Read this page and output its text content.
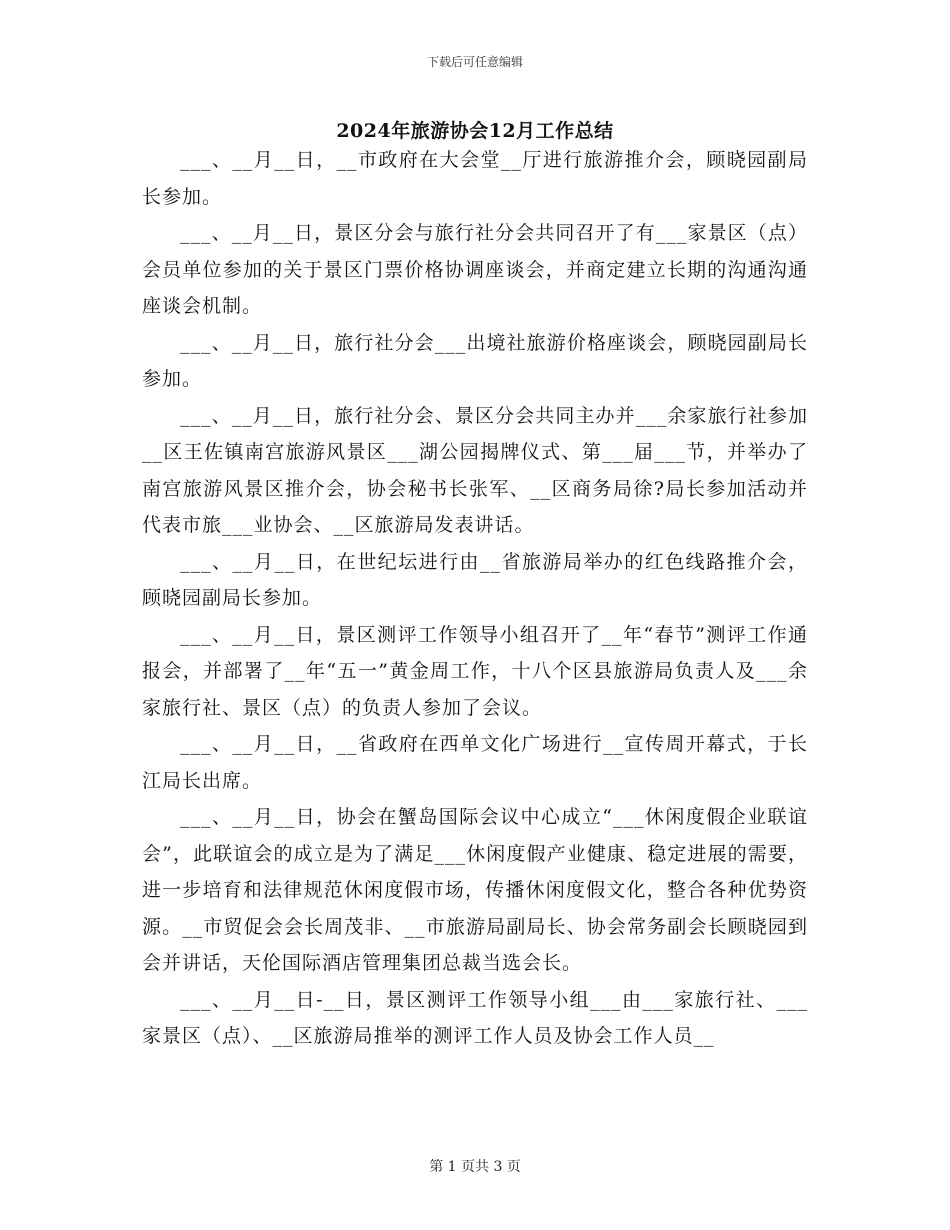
下载后可任意编辑
2024年旅游协会12月工作总结

___、__月__日，__市政府在大会堂__厅进行旅游推介会，顾晓园副局长参加。

___、__月__日，景区分会与旅行社分会共同召开了有___家景区（点）会员单位参加的关于景区门票价格协调座谈会，并商定建立长期的沟通沟通座谈会机制。

___、__月__日，旅行社分会___出境社旅游价格座谈会，顾晓园副局长参加。

___、__月__日，旅行社分会、景区分会共同主办并___余家旅行社参加__区王佐镇南宫旅游风景区___湖公园揭牌仪式、第___届___节，并举办了南宫旅游风景区推介会，协会秘书长张军、__区商务局徐?局长参加活动并代表市旅___业协会、__区旅游局发表讲话。

___、__月__日，在世纪坛进行由__省旅游局举办的红色线路推介会，顾晓园副局长参加。

___、__月__日，景区测评工作领导小组召开了__年“春节”测评工作通报会，并部署了__年“五一”黄金周工作，十八个区县旅游局负责人及___余家旅行社、景区（点）的负责人参加了会议。

___、__月__日，__省政府在西单文化广场进行__宣传周开幕式，于长江局长出席。

___、__月__日，协会在蟹岛国际会议中心成立“___休闲度假企业联谊会”，此联谊会的成立是为了满足___休闲度假产业健康、稳定进展的需要，进一步培育和法律规范休闲度假市场，传播休闲度假文化，整合各种优势资源。__市贸促会会长周茂非、__市旅游局副局长、协会常务副会长顾晓园到会并讲话，天伦国际酒店管理集团总裁当选会长。

___、__月__日-__日，景区测评工作领导小组___由___家旅行社、___家景区（点）、__区旅游局推举的测评工作人员及协会工作人员__

第 1 页共 3 页
